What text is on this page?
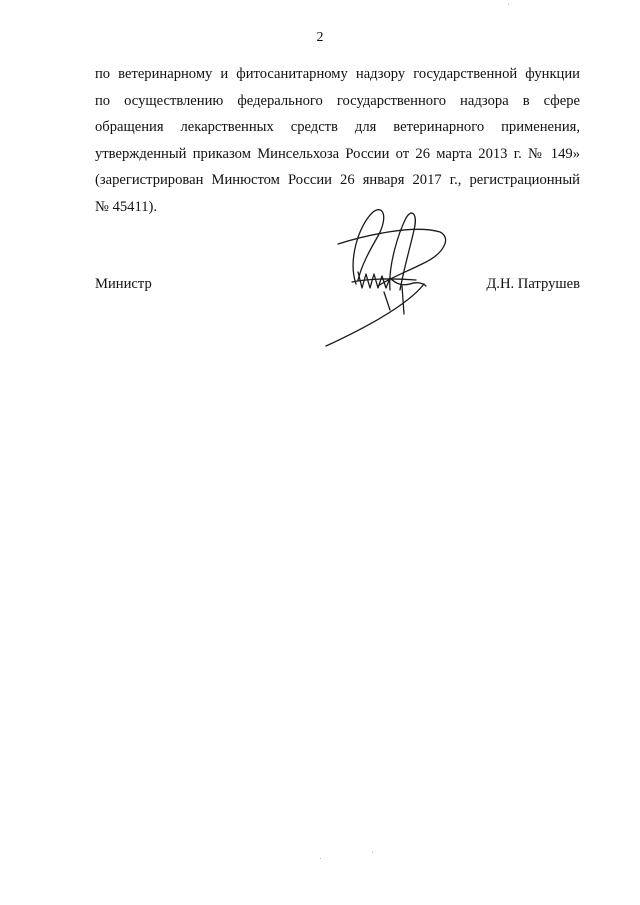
2
по ветеринарному и фитосанитарному надзору государственной функции
по осуществлению федерального государственного надзора в сфере
обращения лекарственных средств для ветеринарного применения,
утвержденный приказом Минсельхоза России от 26 марта 2013 г. № 149»
(зарегистрирован Минюстом России 26 января 2017 г., регистрационный
№ 45411).
Министр	Д.Н. Патрушев
